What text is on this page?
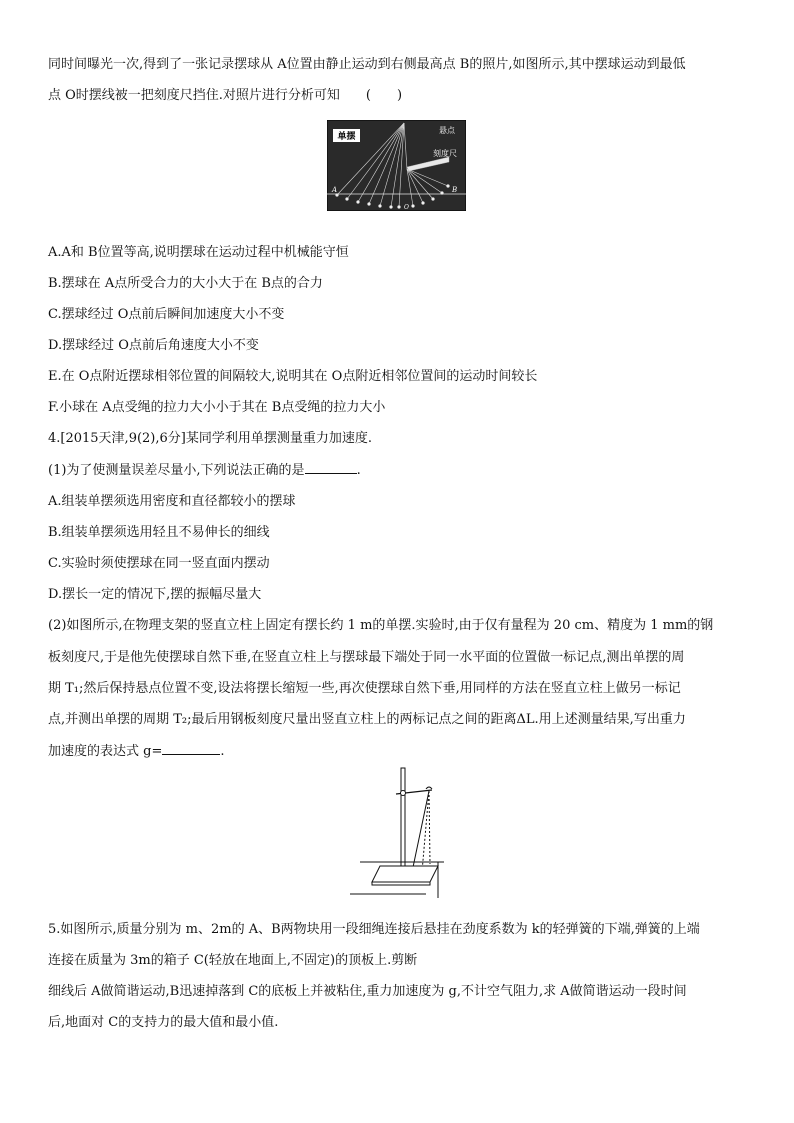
同时间曝光一次,得到了一张记录摆球从 A位置由静止运动到右侧最高点 B的照片,如图所示,其中摆球运动到最低
点 O时摆线被一把刻度尺挡住.对照片进行分析可知　　(　　)
单摆
悬点
刻度尺
A	B
O
A.A和 B位置等高,说明摆球在运动过程中机械能守恒
B.摆球在 A点所受合力的大小大于在 B点的合力
C.摆球经过 O点前后瞬间加速度大小不变
D.摆球经过 O点前后角速度大小不变
E.在 O点附近摆球相邻位置的间隔较大,说明其在 O点附近相邻位置间的运动时间较长
F.小球在 A点受绳的拉力大小小于其在 B点受绳的拉力大小
4.[2015天津,9(2),6分]某同学利用单摆测量重力加速度.
(1)为了使测量误差尽量小,下列说法正确的是	.
A.组装单摆须选用密度和直径都较小的摆球
B.组装单摆须选用轻且不易伸长的细线
C.实验时须使摆球在同一竖直面内摆动
D.摆长一定的情况下,摆的振幅尽量大
(2)如图所示,在物理支架的竖直立柱上固定有摆长约 1 m的单摆.实验时,由于仅有量程为 20 cm、精度为 1 mm的钢
板刻度尺,于是他先使摆球自然下垂,在竖直立柱上与摆球最下端处于同一水平面的位置做一标记点,测出单摆的周
期 T₁;然后保持悬点位置不变,设法将摆长缩短一些,再次使摆球自然下垂,用同样的方法在竖直立柱上做另一标记
点,并测出单摆的周期 T₂;最后用钢板刻度尺量出竖直立柱上的两标记点之间的距离ΔL.用上述测量结果,写出重力
加速度的表达式 g=	.
5.如图所示,质量分别为 m、2m的 A、B两物块用一段细绳连接后悬挂在劲度系数为 k的轻弹簧的下端,弹簧的上端
连接在质量为 3m的箱子 C(轻放在地面上,不固定)的顶板上.剪断
细线后 A做简谐运动,B迅速掉落到 C的底板上并被粘住,重力加速度为 g,不计空气阻力,求 A做简谐运动一段时间
后,地面对 C的支持力的最大值和最小值.
